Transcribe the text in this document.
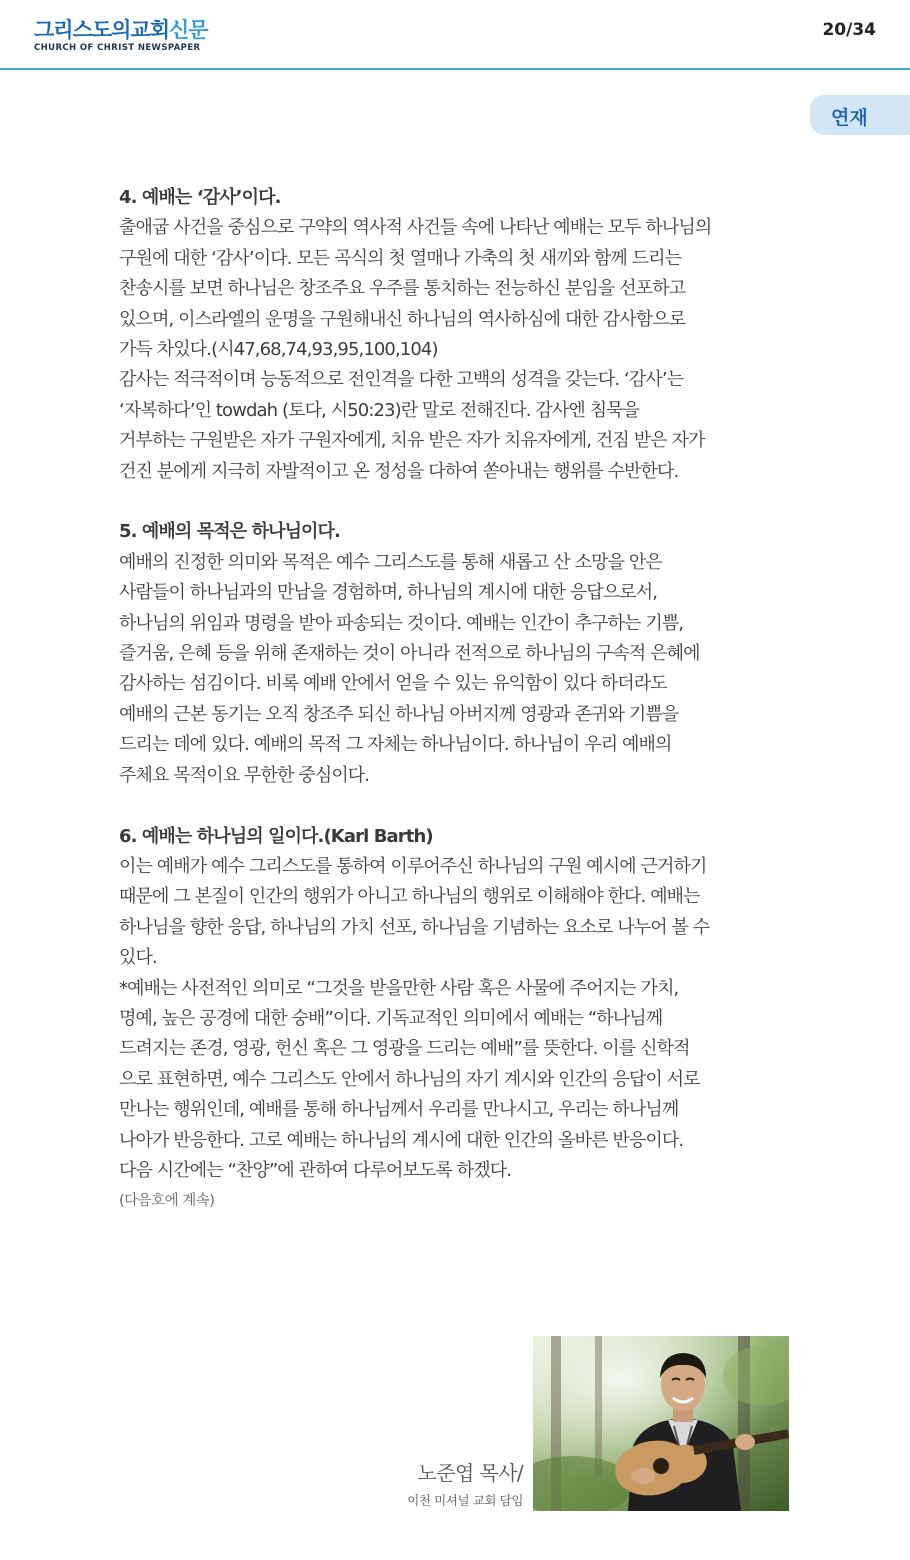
그리스도의교회신문
CHURCH OF CHRIST NEWSPAPER
20/34
연재
4. 예배는 ‘감사’이다.
출애굽 사건을 중심으로 구약의 역사적 사건들 속에 나타난 예배는 모두 하나님의
구원에 대한 ‘감사’이다. 모든 곡식의 첫 열매나 가축의 첫 새끼와 함께 드리는
찬송시를 보면 하나님은 창조주요 우주를 통치하는 전능하신 분임을 선포하고
있으며, 이스라엘의 운명을 구원해내신 하나님의 역사하심에 대한 감사함으로
가득 차있다.(시47,68,74,93,95,100,104)
감사는 적극적이며 능동적으로 전인격을 다한 고백의 성격을 갖는다. ‘감사’는
‘자복하다’인 towdah (토다, 시50:23)란 말로 전해진다. 감사엔 침묵을
거부하는 구원받은 자가 구원자에게, 치유 받은 자가 치유자에게, 건짐 받은 자가
건진 분에게 지극히 자발적이고 온 정성을 다하여 쏟아내는 행위를 수반한다.
5. 예배의 목적은 하나님이다.
예배의 진정한 의미와 목적은 예수 그리스도를 통해 새롭고 산 소망을 안은
사람들이 하나님과의 만남을 경험하며, 하나님의 계시에 대한 응답으로서,
하나님의 위임과 명령을 받아 파송되는 것이다. 예배는 인간이 추구하는 기쁨,
즐거움, 은혜 등을 위해 존재하는 것이 아니라 전적으로 하나님의 구속적 은혜에
감사하는 섬김이다. 비록 예배 안에서 얻을 수 있는 유익함이 있다 하더라도
예배의 근본 동기는 오직 창조주 되신 하나님 아버지께 영광과 존귀와 기쁨을
드리는 데에 있다. 예배의 목적 그 자체는 하나님이다. 하나님이 우리 예배의
주체요 목적이요 무한한 중심이다.
6. 예배는 하나님의 일이다.(Karl Barth)
이는 예배가 예수 그리스도를 통하여 이루어주신 하나님의 구원 예시에 근거하기
때문에 그 본질이 인간의 행위가 아니고 하나님의 행위로 이해해야 한다. 예배는
하나님을 향한 응답, 하나님의 가치 선포, 하나님을 기념하는 요소로 나누어 볼 수
있다.
*예배는 사전적인 의미로 “그것을 받을만한 사람 혹은 사물에 주어지는 가치,
명예, 높은 공경에 대한 숭배”이다. 기독교적인 의미에서 예배는 “하나님께
드려지는 존경, 영광, 헌신 혹은 그 영광을 드리는 예배”를 뜻한다. 이를 신학적
으로 표현하면, 예수 그리스도 안에서 하나님의 자기 계시와 인간의 응답이 서로
만나는 행위인데, 예배를 통해 하나님께서 우리를 만나시고, 우리는 하나님께
나아가 반응한다. 고로 예배는 하나님의 계시에 대한 인간의 올바른 반응이다.
다음 시간에는 “찬양”에 관하여 다루어보도록 하겠다.
(다음호에 계속)
노준엽 목사/
이천 미셔널 교회 담임
